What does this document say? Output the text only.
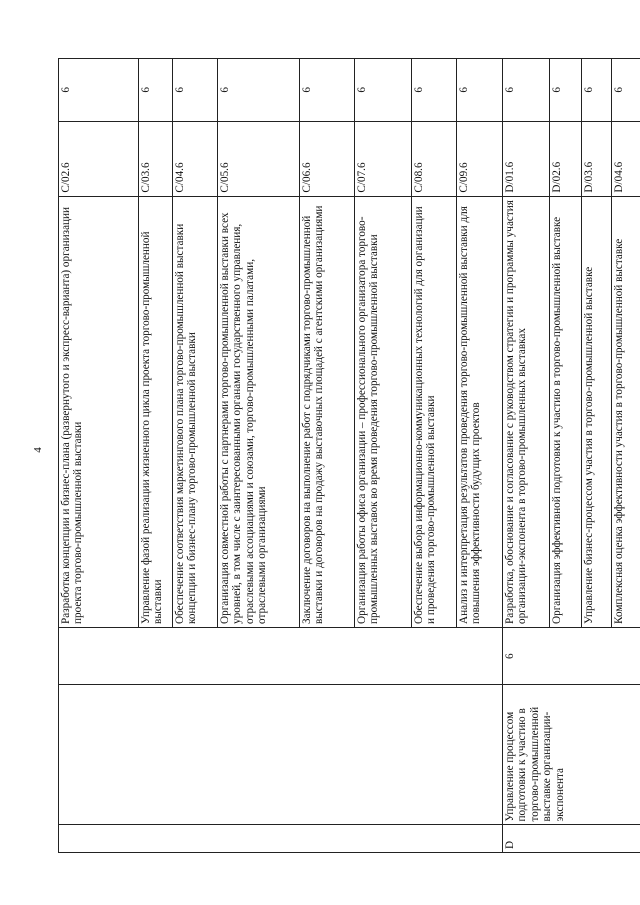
4
			Разработка концепции и бизнес-плана (развернутого и экспресс-варианта) организации проекта торгово-промышленной выставки	C/02.6	6
			Управление фазой реализации жизненного цикла проекта торгово-промышленной выставки	C/03.6	6
			Обеспечение соответствия маркетингового плана торгово-промышленной выставки концепции и бизнес-плану торгово-промышленной выставки	C/04.6	6
			Организация совместной работы с партнерами торгово-промышленной выставки всех уровней, в том числе с заинтересованными органами государственного управления, отраслевыми ассоциациями и союзами, торгово-промышленными палатами, отраслевыми организациями	C/05.6	6
			Заключение договоров на выполнение работ с подрядчиками торгово-промышленной выставки и договоров на продажу выставочных площадей с агентскими организациями	C/06.6	6
			Организация работы офиса организации – профессионального организатора торгово-промышленных выставок во время проведения торгово-промышленной выставки	C/07.6	6
			Обеспечение выбора информационно-коммуникационных технологий для организации и проведения торгово-промышленной выставки	C/08.6	6
			Анализ и интерпретация результатов проведения торгово-промышленной выставки для повышения эффективности будущих проектов	C/09.6	6
D	Управление процессом подготовки к участию в торгово-промышленной выставке организации-экспонента	6	Разработка, обоснование и согласование с руководством стратегии и программы участия организации-экспонента в торгово-промышленных выставках	D/01.6	6
			Организация эффективной подготовки к участию в торгово-промышленной выставке	D/02.6	6
			Управление бизнес-процессом участия в торгово-промышленной выставке	D/03.6	6
			Комплексная оценка эффективности участия в торгово-промышленной выставке	D/04.6	6
